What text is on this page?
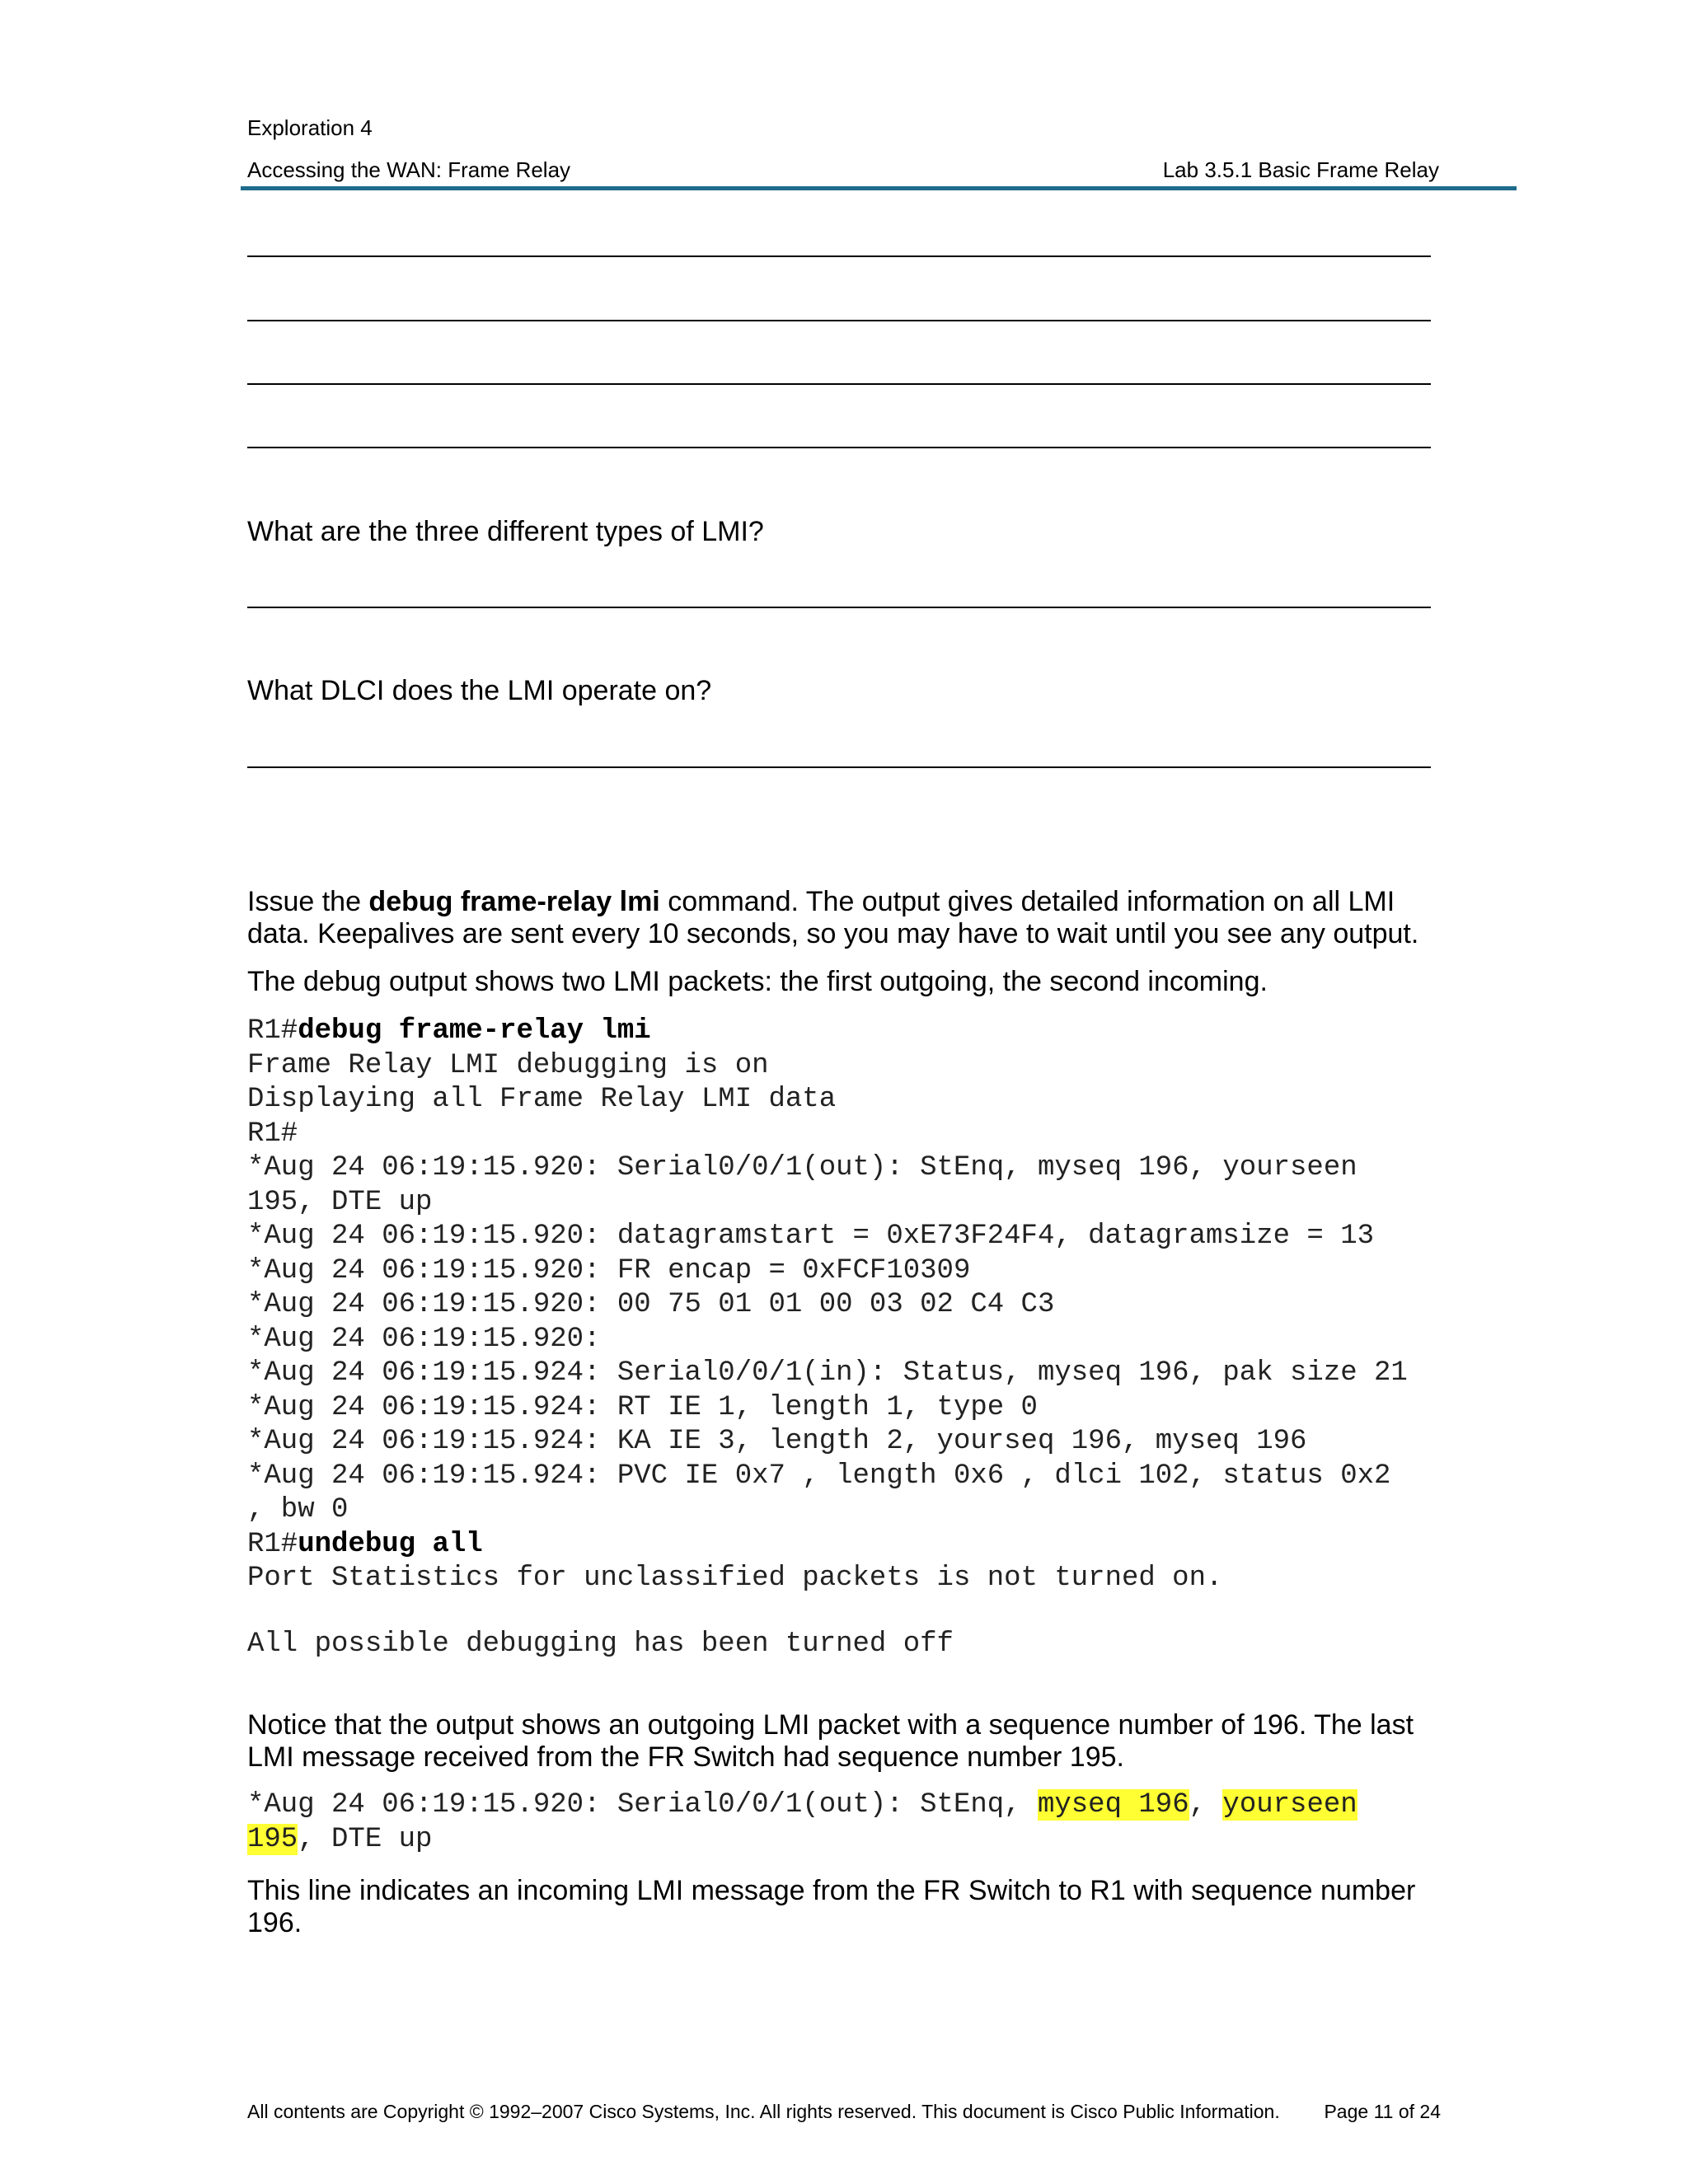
Exploration 4
Accessing the WAN: Frame Relay	Lab 3.5.1 Basic Frame Relay
What are the three different types of LMI?
What DLCI does the LMI operate on?
Issue the debug frame-relay lmi command. The output gives detailed information on all LMI data. Keepalives are sent every 10 seconds, so you may have to wait until you see any output.
The debug output shows two LMI packets: the first outgoing, the second incoming.
R1#debug frame-relay lmi
Frame Relay LMI debugging is on
Displaying all Frame Relay LMI data
R1#
*Aug 24 06:19:15.920: Serial0/0/1(out): StEnq, myseq 196, yourseen
195, DTE up
*Aug 24 06:19:15.920: datagramstart = 0xE73F24F4, datagramsize = 13
*Aug 24 06:19:15.920: FR encap = 0xFCF10309
*Aug 24 06:19:15.920: 00 75 01 01 00 03 02 C4 C3
*Aug 24 06:19:15.920:
*Aug 24 06:19:15.924: Serial0/0/1(in): Status, myseq 196, pak size 21
*Aug 24 06:19:15.924: RT IE 1, length 1, type 0
*Aug 24 06:19:15.924: KA IE 3, length 2, yourseq 196, myseq 196
*Aug 24 06:19:15.924: PVC IE 0x7 , length 0x6 , dlci 102, status 0x2
, bw 0
R1#undebug all
Port Statistics for unclassified packets is not turned on.
All possible debugging has been turned off
Notice that the output shows an outgoing LMI packet with a sequence number of 196. The last LMI message received from the FR Switch had sequence number 195.
*Aug 24 06:19:15.920: Serial0/0/1(out): StEnq, myseq 196, yourseen
195, DTE up
This line indicates an incoming LMI message from the FR Switch to R1 with sequence number 196.
All contents are Copyright © 1992–2007 Cisco Systems, Inc. All rights reserved. This document is Cisco Public Information. Page 11 of 24
